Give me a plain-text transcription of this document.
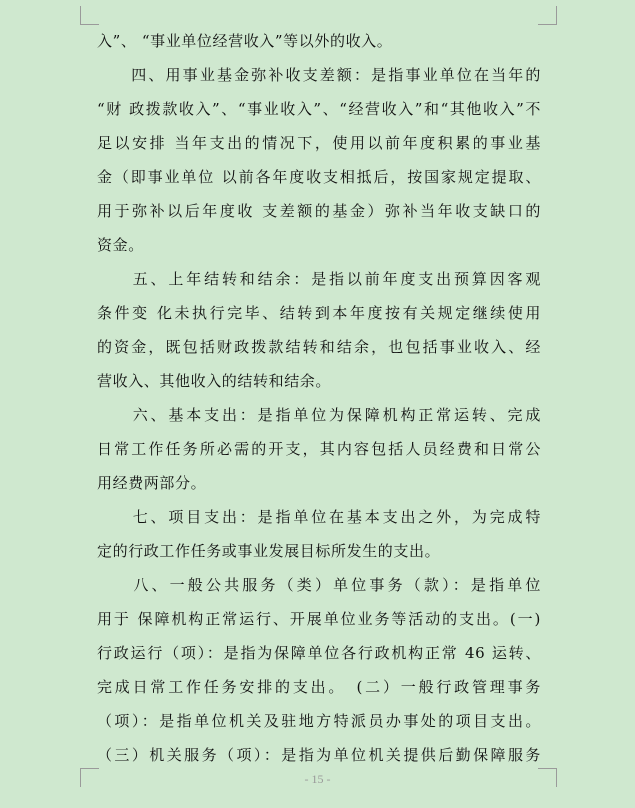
入”、 “事业单位经营收入”等以外的收入。
　　四、用事业基金弥补收支差额：是指事业单位在当年的
“财 政拨款收入”、“事业收入”、“经营收入”和“其他收入”不
足以安排 当年支出的情况下，使用以前年度积累的事业基
金（即事业单位 以前各年度收支相抵后，按国家规定提取、
用于弥补以后年度收 支差额的基金）弥补当年收支缺口的
资金。
　　五、上年结转和结余：是指以前年度支出预算因客观
条件变 化未执行完毕、结转到本年度按有关规定继续使用
的资金，既包括财政拨款结转和结余，也包括事业收入、经
营收入、其他收入的结转和结余。
　　六、基本支出：是指单位为保障机构正常运转、完成
日常工作任务所必需的开支，其内容包括人员经费和日常公
用经费两部分。
　　七、项目支出：是指单位在基本支出之外，为完成特
定的行政工作任务或事业发展目标所发生的支出。
　　八、一般公共服务（类）单位事务（款）：是指单位
用于 保障机构正常运行、开展单位业务等活动的支出。(一)
行政运行（项）：是指为保障单位各行政机构正常 46 运转、
完成日常工作任务安排的支出。　(二）一般行政管理事务
（项）：是指单位机关及驻地方特派员办事处的项目支出。
（三）机关服务（项）：是指为单位机关提供后勤保障服务
- 15 -
